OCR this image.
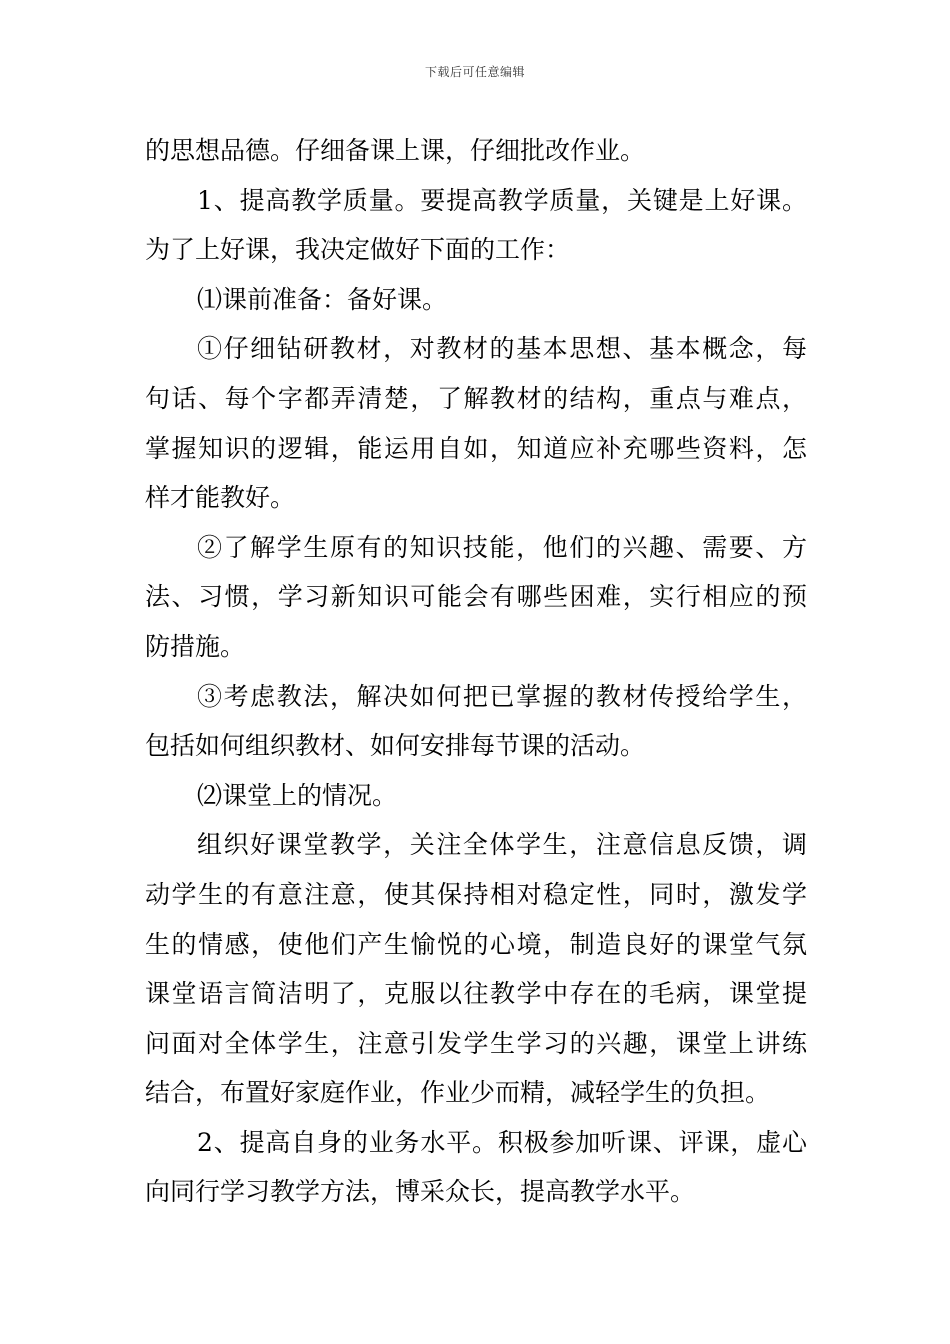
下载后可任意编辑
的思想品德。仔细备课上课，仔细批改作业。
1、提高教学质量。要提高教学质量，关键是上好课。
为了上好课，我决定做好下面的工作：
⑴课前准备：备好课。
①仔细钻研教材，对教材的基本思想、基本概念，每
句话、每个字都弄清楚，了解教材的结构，重点与难点，
掌握知识的逻辑，能运用自如，知道应补充哪些资料，怎
样才能教好。
②了解学生原有的知识技能，他们的兴趣、需要、方
法、习惯，学习新知识可能会有哪些困难，实行相应的预
防措施。
③考虑教法，解决如何把已掌握的教材传授给学生，
包括如何组织教材、如何安排每节课的活动。
⑵课堂上的情况。
组织好课堂教学，关注全体学生，注意信息反馈，调
动学生的有意注意，使其保持相对稳定性，同时，激发学
生的情感，使他们产生愉悦的心境，制造良好的课堂气氛
课堂语言简洁明了，克服以往教学中存在的毛病，课堂提
问面对全体学生，注意引发学生学习的兴趣，课堂上讲练
结合，布置好家庭作业，作业少而精，减轻学生的负担。
2、提高自身的业务水平。积极参加听课、评课，虚心
向同行学习教学方法，博采众长，提高教学水平。
